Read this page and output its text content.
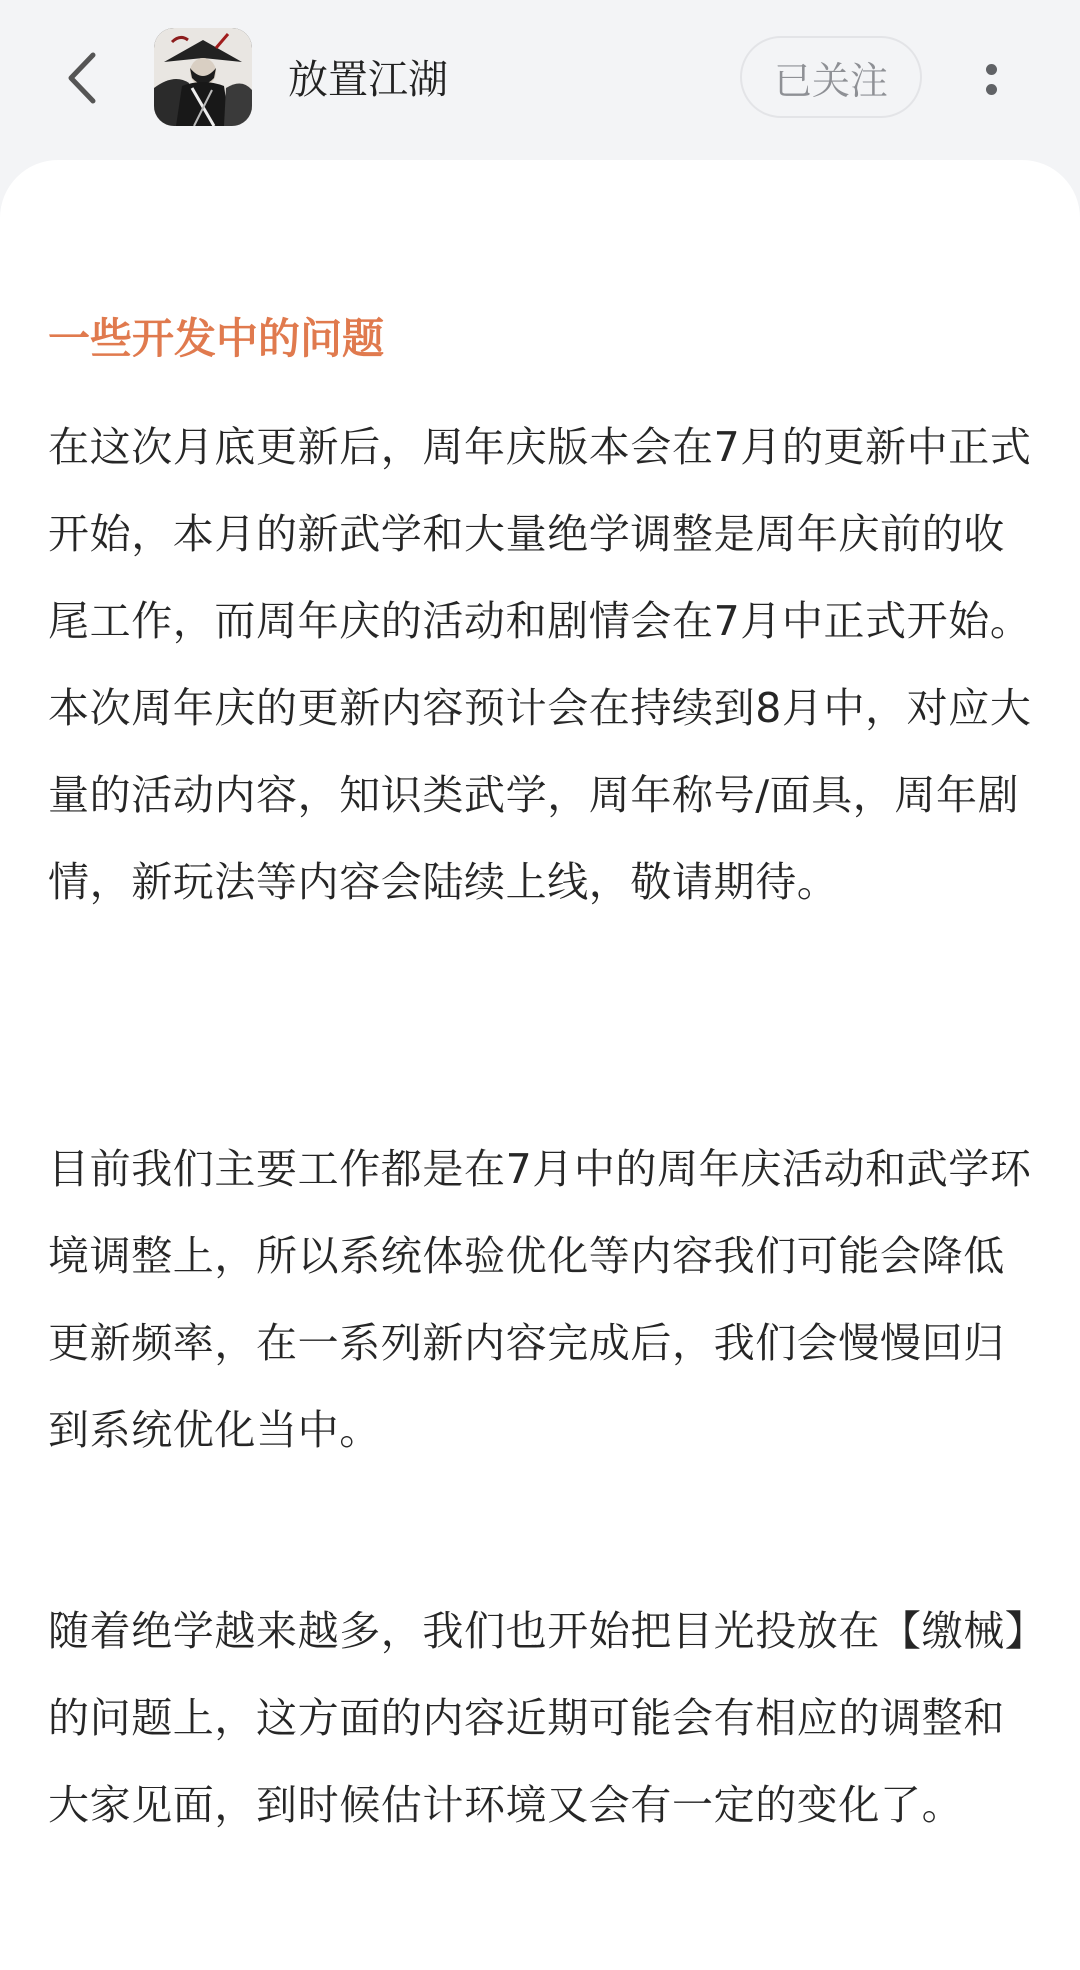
放置江湖	已关注
一些开发中的问题

在这次月底更新后，周年庆版本会在7月的更新中正式开始，本月的新武学和大量绝学调整是周年庆前的收尾工作，而周年庆的活动和剧情会在7月中正式开始。本次周年庆的更新内容预计会在持续到8月中，对应大量的活动内容，知识类武学，周年称号/面具，周年剧情，新玩法等内容会陆续上线，敬请期待。

目前我们主要工作都是在7月中的周年庆活动和武学环境调整上，所以系统体验优化等内容我们可能会降低更新频率，在一系列新内容完成后，我们会慢慢回归到系统优化当中。

随着绝学越来越多，我们也开始把目光投放在【缴械】的问题上，这方面的内容近期可能会有相应的调整和大家见面，到时候估计环境又会有一定的变化了。
